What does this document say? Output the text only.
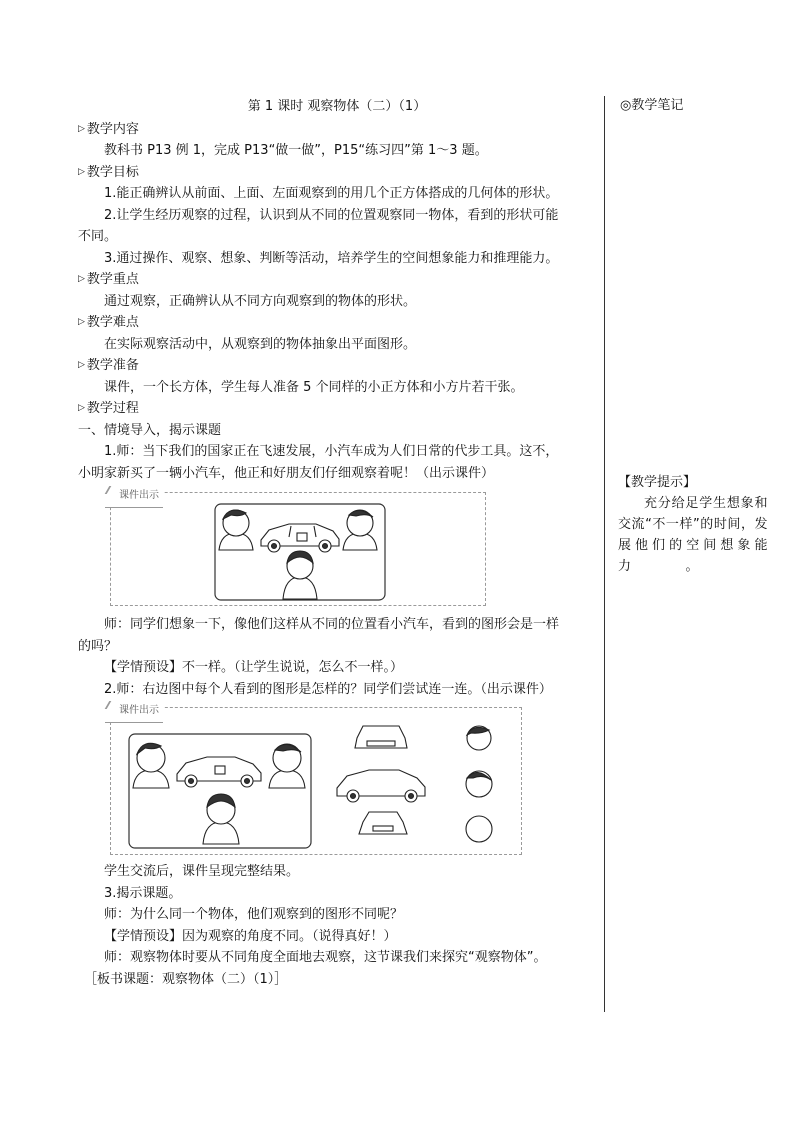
第 1 课时 观察物体（二）（1）
▷ 教学内容
教科书 P13 例 1，完成 P13“做一做”，P15“练习四”第 1～3 题。
▷ 教学目标
1.能正确辨认从前面、上面、左面观察到的用几个正方体搭成的几何体的形状。
2.让学生经历观察的过程，认识到从不同的位置观察同一物体，看到的形状可能
不同。
3.通过操作、观察、想象、判断等活动，培养学生的空间想象能力和推理能力。
▷ 教学重点
通过观察，正确辨认从不同方向观察到的物体的形状。
▷ 教学难点
在实际观察活动中，从观察到的物体抽象出平面图形。
▷ 教学准备
课件，一个长方体，学生每人准备 5 个同样的小正方体和小方片若干张。
▷ 教学过程
一、情境导入，揭示课题
1.师：当下我们的国家正在飞速发展，小汽车成为人们日常的代步工具。这不，
小明家新买了一辆小汽车，他正和好朋友们仔细观察着呢！（出示课件）
课件出示
师：同学们想象一下，像他们这样从不同的位置看小汽车，看到的图形会是一样
的吗？
【学情预设】不一样。（让学生说说，怎么不一样。）
2.师：右边图中每个人看到的图形是怎样的？同学们尝试连一连。（出示课件）
课件出示
学生交流后，课件呈现完整结果。
3.揭示课题。
师：为什么同一个物体，他们观察到的图形不同呢？
【学情预设】因为观察的角度不同。（说得真好！）
师：观察物体时要从不同角度全面地去观察，这节课我们来探究“观察物体”。
［板书课题：观察物体（二）（1）］
◎教学笔记
【教学提示】
充分给足学生想象和交流“不一样”的时间，发展他们的空间想象能力　　　　。
